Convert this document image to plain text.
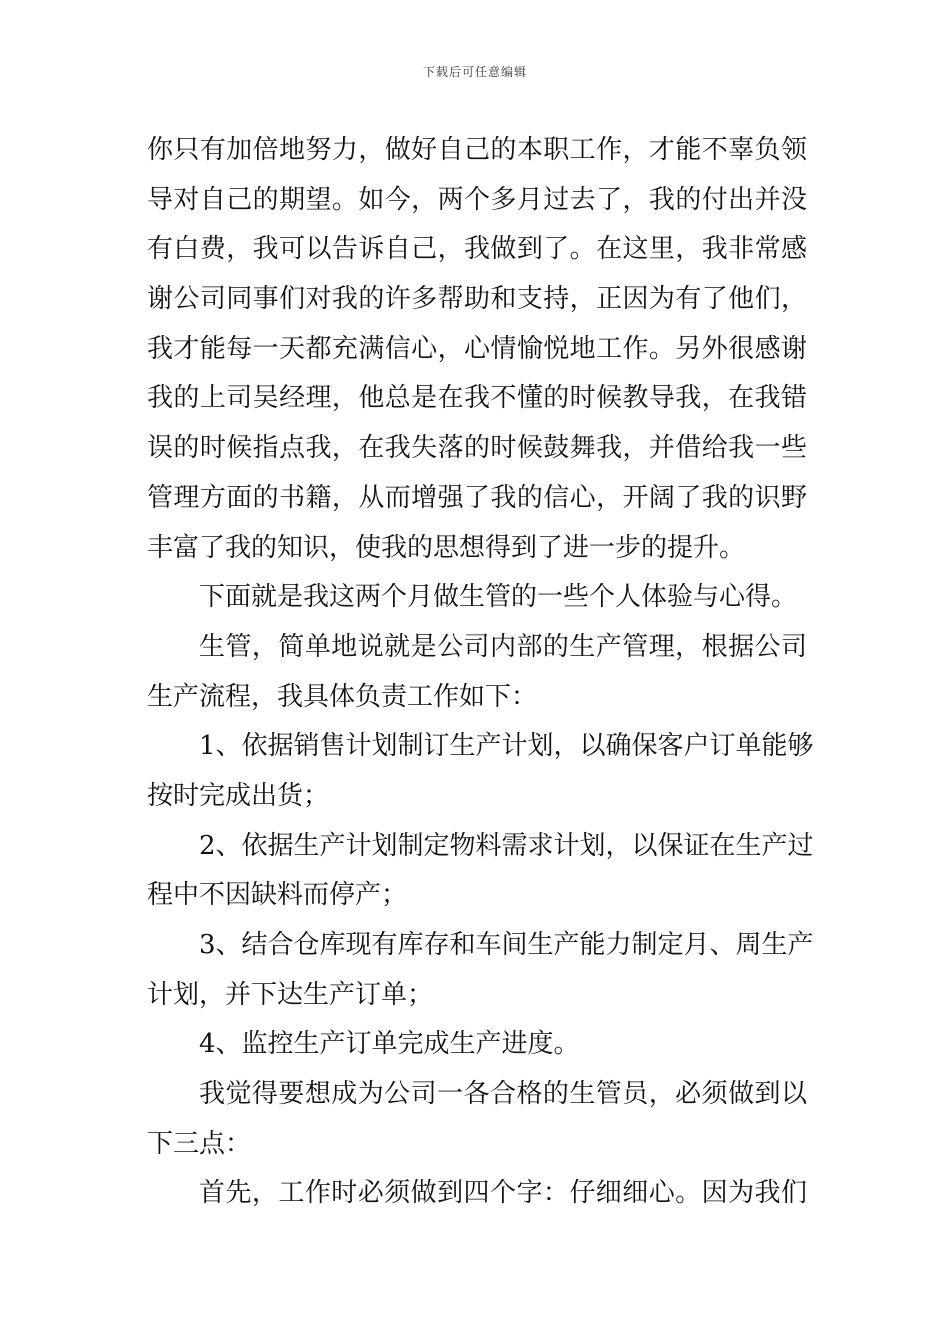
下载后可任意编辑
你只有加倍地努力，做好自己的本职工作，才能不辜负领
导对自己的期望。如今，两个多月过去了，我的付出并没
有白费，我可以告诉自己，我做到了。在这里，我非常感
谢公司同事们对我的许多帮助和支持，正因为有了他们，
我才能每一天都充满信心，心情愉悦地工作。另外很感谢
我的上司吴经理，他总是在我不懂的时候教导我，在我错
误的时候指点我，在我失落的时候鼓舞我，并借给我一些
管理方面的书籍，从而增强了我的信心，开阔了我的识野
丰富了我的知识，使我的思想得到了进一步的提升。
下面就是我这两个月做生管的一些个人体验与心得。
生管，简单地说就是公司内部的生产管理，根据公司
生产流程，我具体负责工作如下：
1、依据销售计划制订生产计划，以确保客户订单能够
按时完成出货；
2、依据生产计划制定物料需求计划，以保证在生产过
程中不因缺料而停产；
3、结合仓库现有库存和车间生产能力制定月、周生产
计划，并下达生产订单；
4、监控生产订单完成生产进度。
我觉得要想成为公司一各合格的生管员，必须做到以
下三点：
首先，工作时必须做到四个字：仔细细心。因为我们
